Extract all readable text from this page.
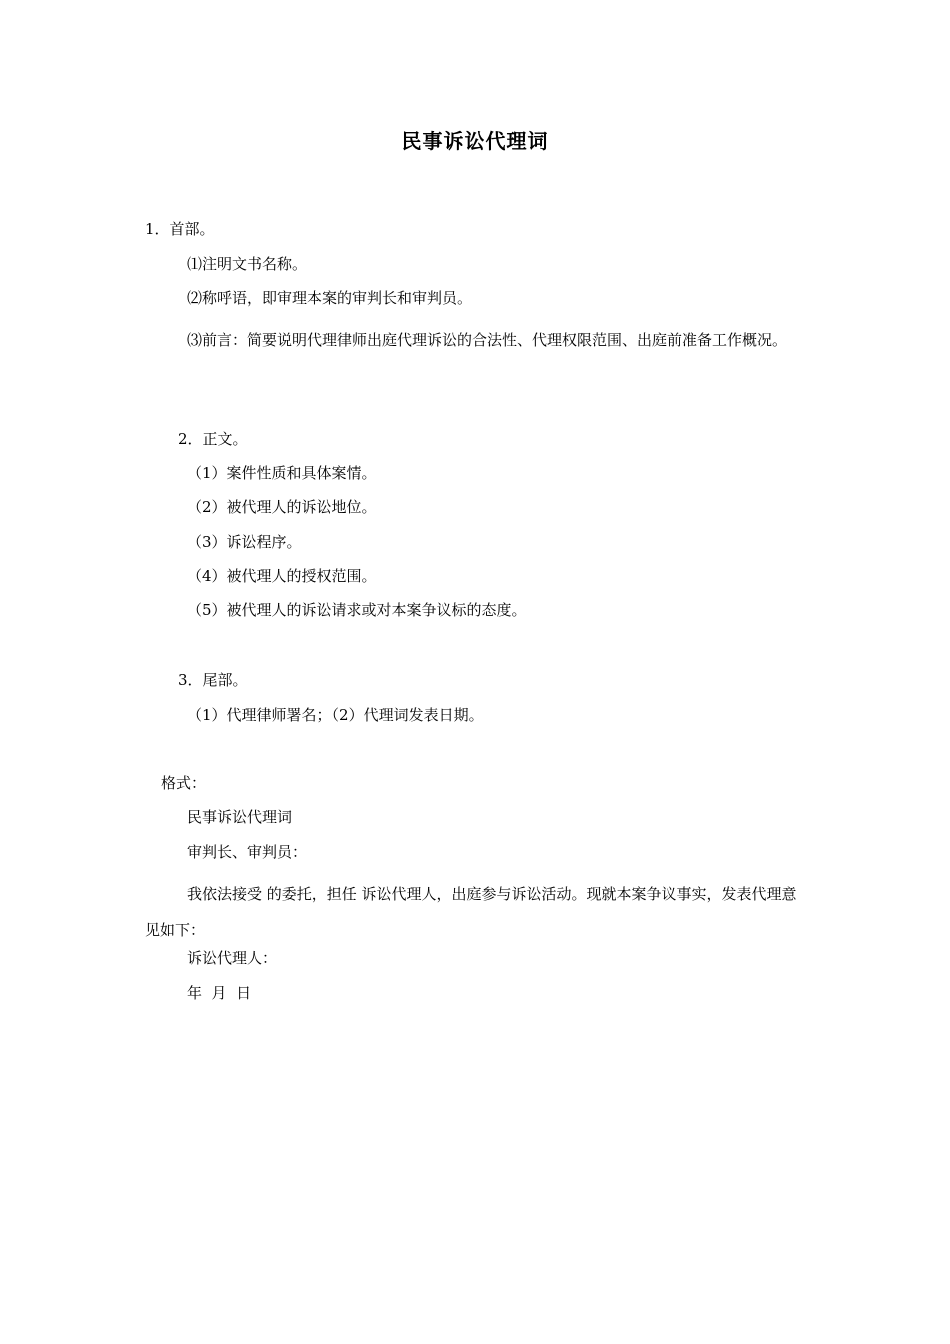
民事诉讼代理词
1．首部。
⑴注明文书名称。
⑵称呼语，即审理本案的审判长和审判员。
⑶前言：简要说明代理律师出庭代理诉讼的合法性、代理权限范围、出庭前准备工作概况。
2．正文。
（1）案件性质和具体案情。
（2）被代理人的诉讼地位。
（3）诉讼程序。
（4）被代理人的授权范围。
（5）被代理人的诉讼请求或对本案争议标的态度。
3．尾部。
（1）代理律师署名；（2）代理词发表日期。
格式：
民事诉讼代理词
审判长、审判员：
我依法接受 的委托，担任 诉讼代理人，出庭参与诉讼活动。现就本案争议事实，发表代理意见如下：
诉讼代理人：
年  月  日
